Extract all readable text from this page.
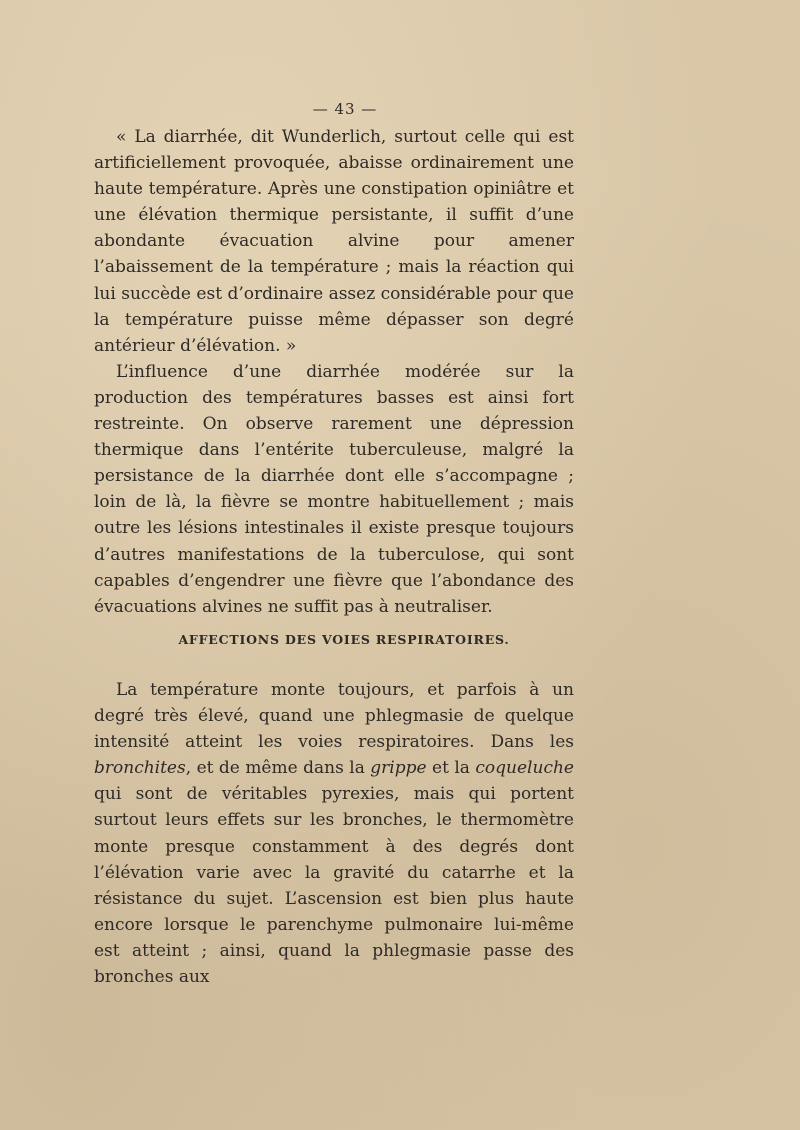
— 43 —

« La diarrhée, dit Wunderlich, surtout celle qui est artificiellement provoquée, abaisse ordinairement une haute température. Après une constipation opiniâtre et une élévation thermique persistante, il suffit d’une abondante évacuation alvine pour amener l’abaissement de la température ; mais la réaction qui lui succède est d’ordinaire assez considérable pour que la température puisse même dépasser son degré antérieur d’élévation. »

L’influence d’une diarrhée modérée sur la production des températures basses est ainsi fort restreinte. On observe rarement une dépression thermique dans l’entérite tuberculeuse, malgré la persistance de la diarrhée dont elle s’accompagne ; loin de là, la fièvre se montre habituellement ; mais outre les lésions intestinales il existe presque toujours d’autres manifestations de la tuberculose, qui sont capables d’engendrer une fièvre que l’abondance des évacuations alvines ne suffit pas à neutraliser.

AFFECTIONS DES VOIES RESPIRATOIRES.

La température monte toujours, et parfois à un degré très élevé, quand une phlegmasie de quelque intensité atteint les voies respiratoires. Dans les bronchites, et de même dans la grippe et la coqueluche qui sont de véritables pyrexies, mais qui portent surtout leurs effets sur les bronches, le thermomètre monte presque constamment à des degrés dont l’élévation varie avec la gravité du catarrhe et la résistance du sujet. L’ascension est bien plus haute encore lorsque le parenchyme pulmonaire lui-même est atteint ; ainsi, quand la phlegmasie passe des bronches aux
